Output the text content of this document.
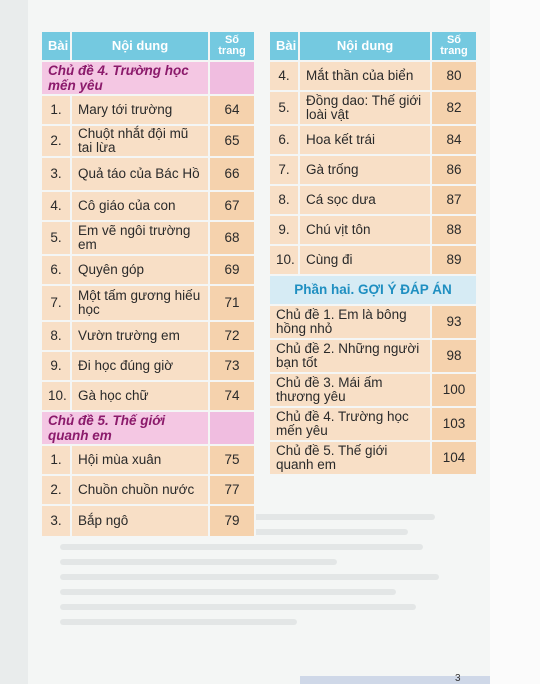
Bài	Nội dung	Số trang
Chủ đề 4. Trường học mến yêu		
1.	Mary tới trường	64
2.	Chuột nhắt đội mũ tai lừa	65
3.	Quả táo của Bác Hồ	66
4.	Cô giáo của con	67
5.	Em vẽ ngôi trường em	68
6.	Quyên góp	69
7.	Một tấm gương hiếu học	71
8.	Vườn trường em	72
9.	Đi học đúng giờ	73
10.	Gà học chữ	74
Chủ đề 5. Thế giới quanh em		
1.	Hội mùa xuân	75
2.	Chuồn chuồn nước	77
3.	Bắp ngô	79
Bài	Nội dung	Số trang
4.	Mắt thần của biển	80
5.	Đồng dao: Thế giới loài vật	82
6.	Hoa kết trái	84
7.	Gà trống	86
8.	Cá sọc dưa	87
9.	Chú vịt tôn	88
10.	Cùng đi	89
Phần hai. GỢI Ý ĐÁP ÁN		
Chủ đề 1. Em là bông hồng nhỏ		93
Chủ đề 2. Những người bạn tốt		98
Chủ đề 3. Mái ấm thương yêu		100
Chủ đề 4. Trường học mến yêu		103
Chủ đề 5. Thế giới quanh em		104
3
